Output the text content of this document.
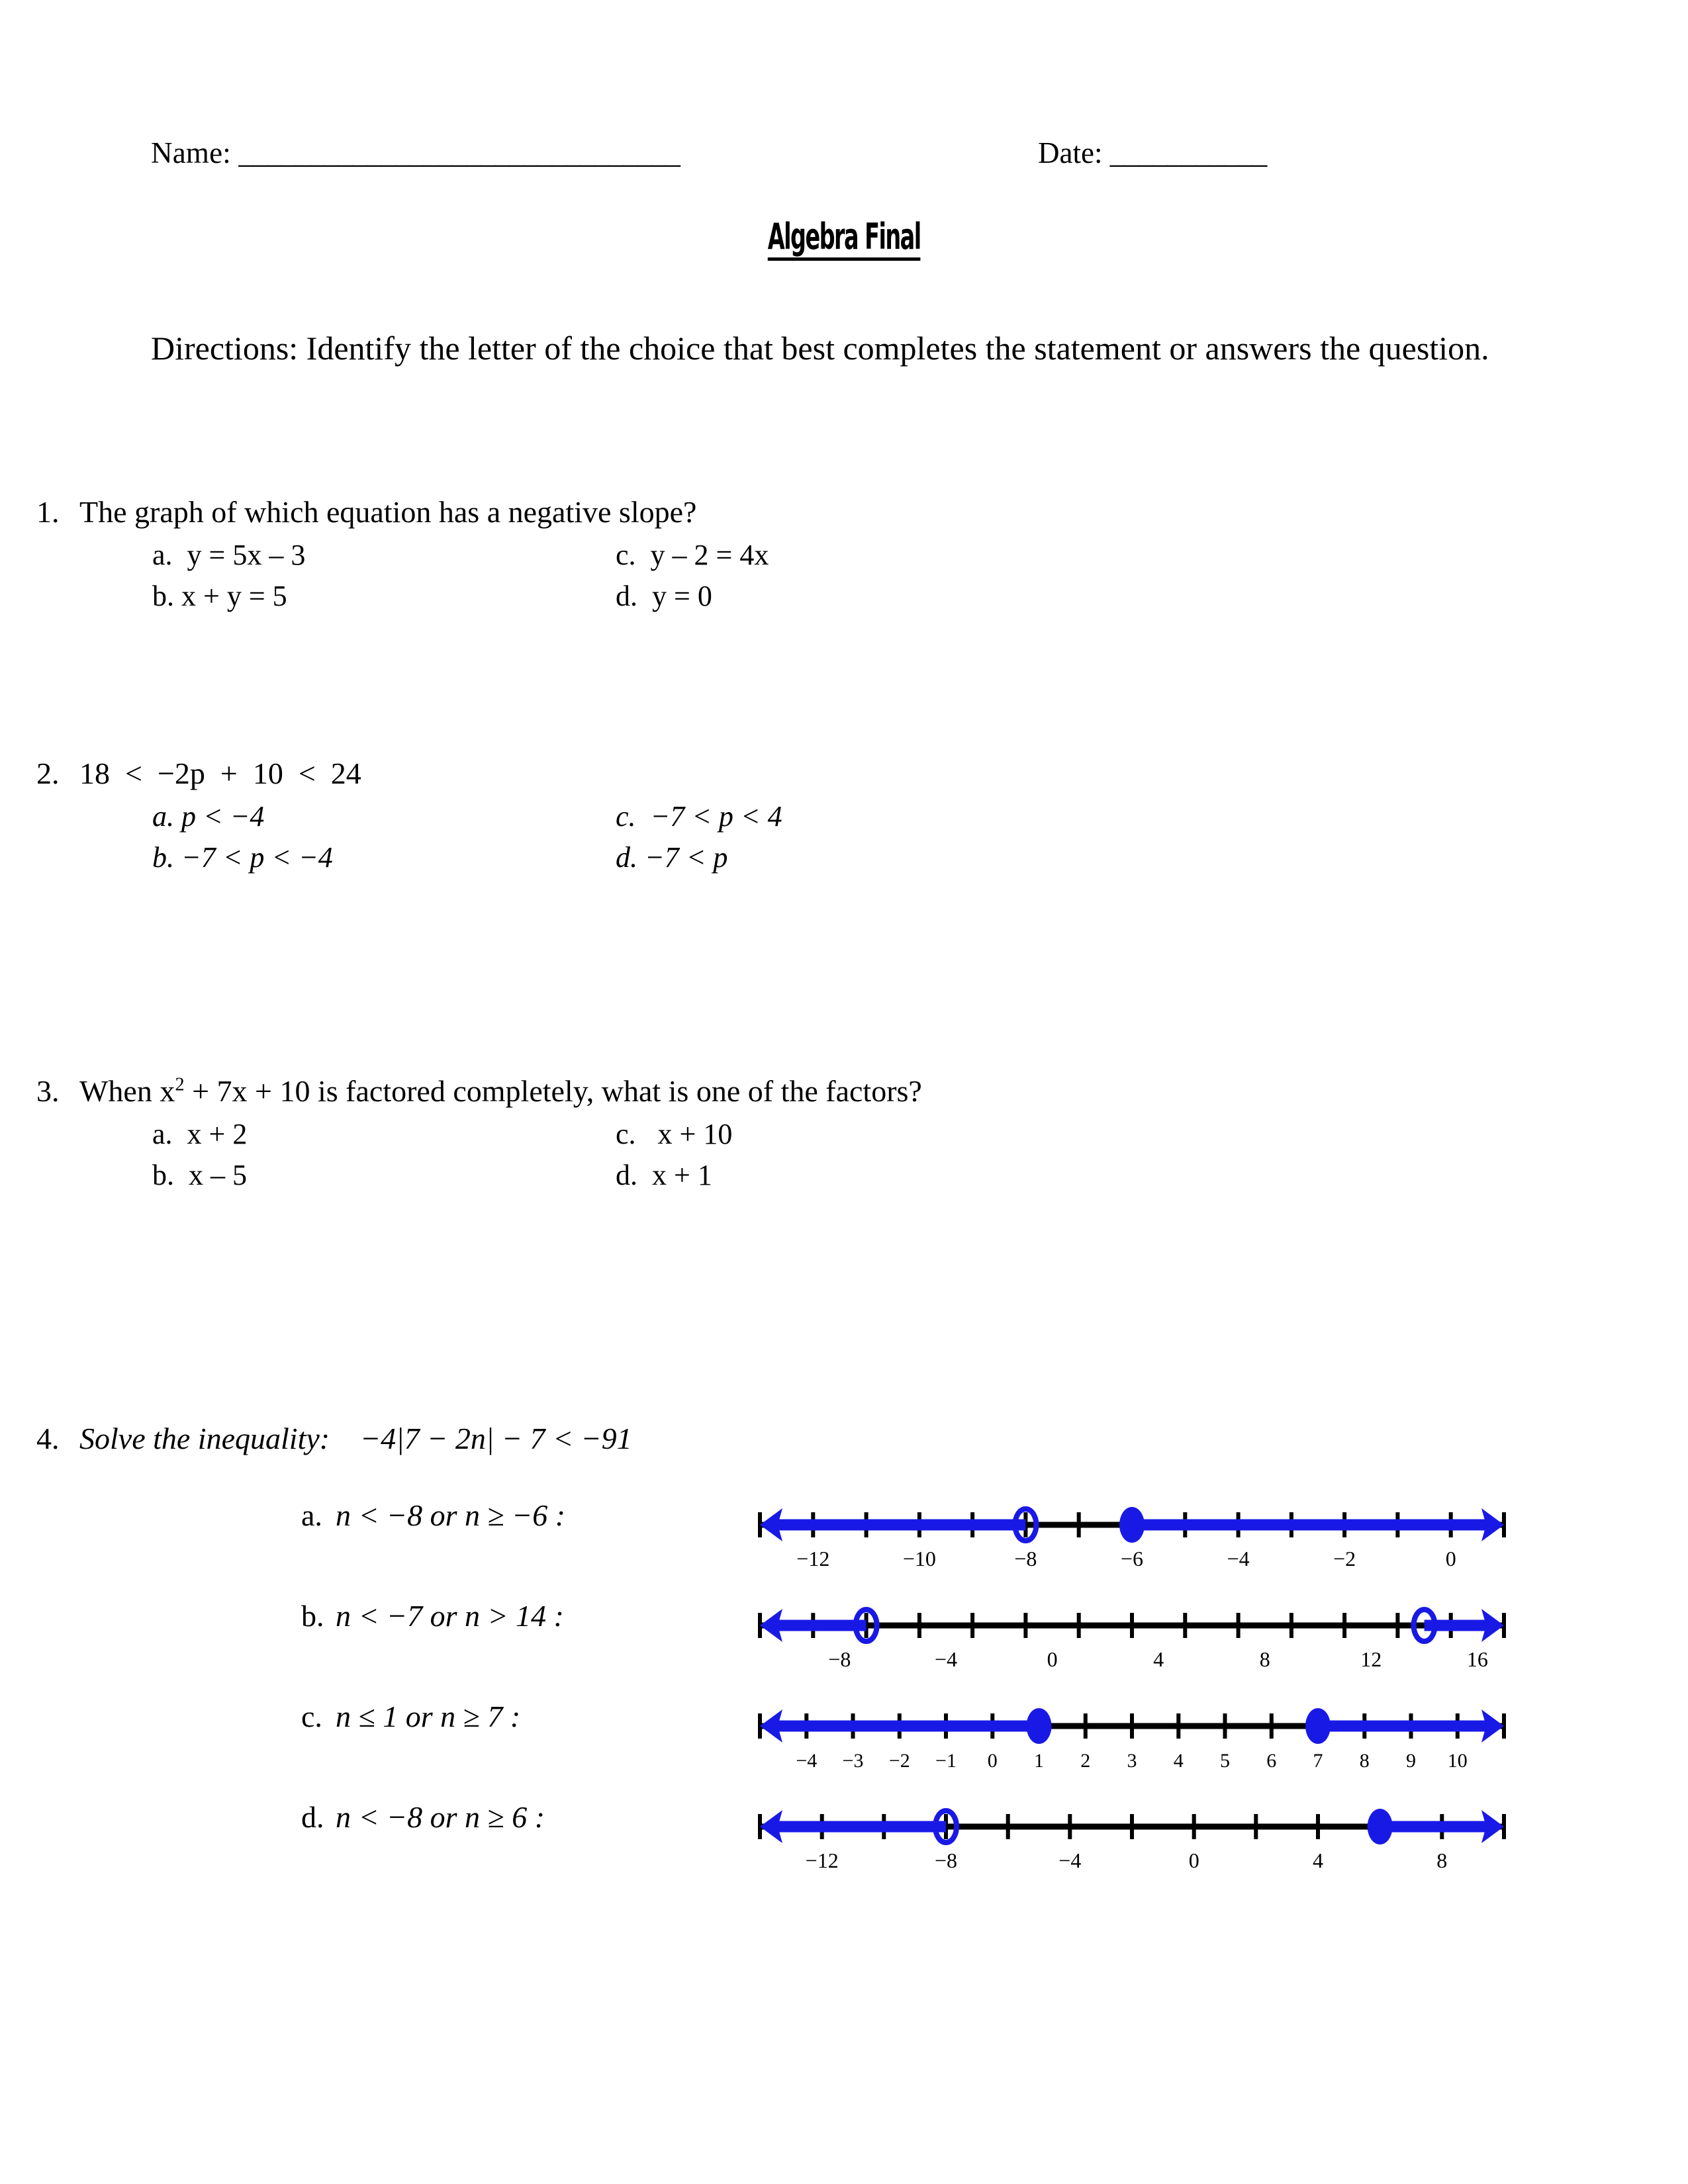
Name: _______________________________	Date: ___________
Algebra Final
Directions: Identify the letter of the choice that best completes the statement or answers the question.
1. The graph of which equation has a negative slope?
a.  y = 5x – 3	c.  y – 2 = 4x
b. x + y = 5	d.  y = 0
2. 18  <  −2p  +  10  <  24
a. p < −4	c.  −7 < p < 4
b. −7 < p < −4	d. −7 < p
3. When $x^2 + 7x + 10$ is factored completely, what is one of the factors?
a.  x + 2	c.   x + 10
b.  x – 5	d.  x + 1
4. Solve the inequality:    −4|7 − 2n| − 7 < −91
a. n < −8 or n ≥ −6 :
−12	−10	−8	−6	−4	−2	0
b. n < −7 or n > 14 :
−8	−4	0	4	8	12	16
c. n ≤ 1 or n ≥ 7 :
−4 −3 −2 −1 0 1 2 3 4 5 6 7 8 9 10
d. n < −8 or n ≥ 6 :
−12	−8	−4	0	4	8
